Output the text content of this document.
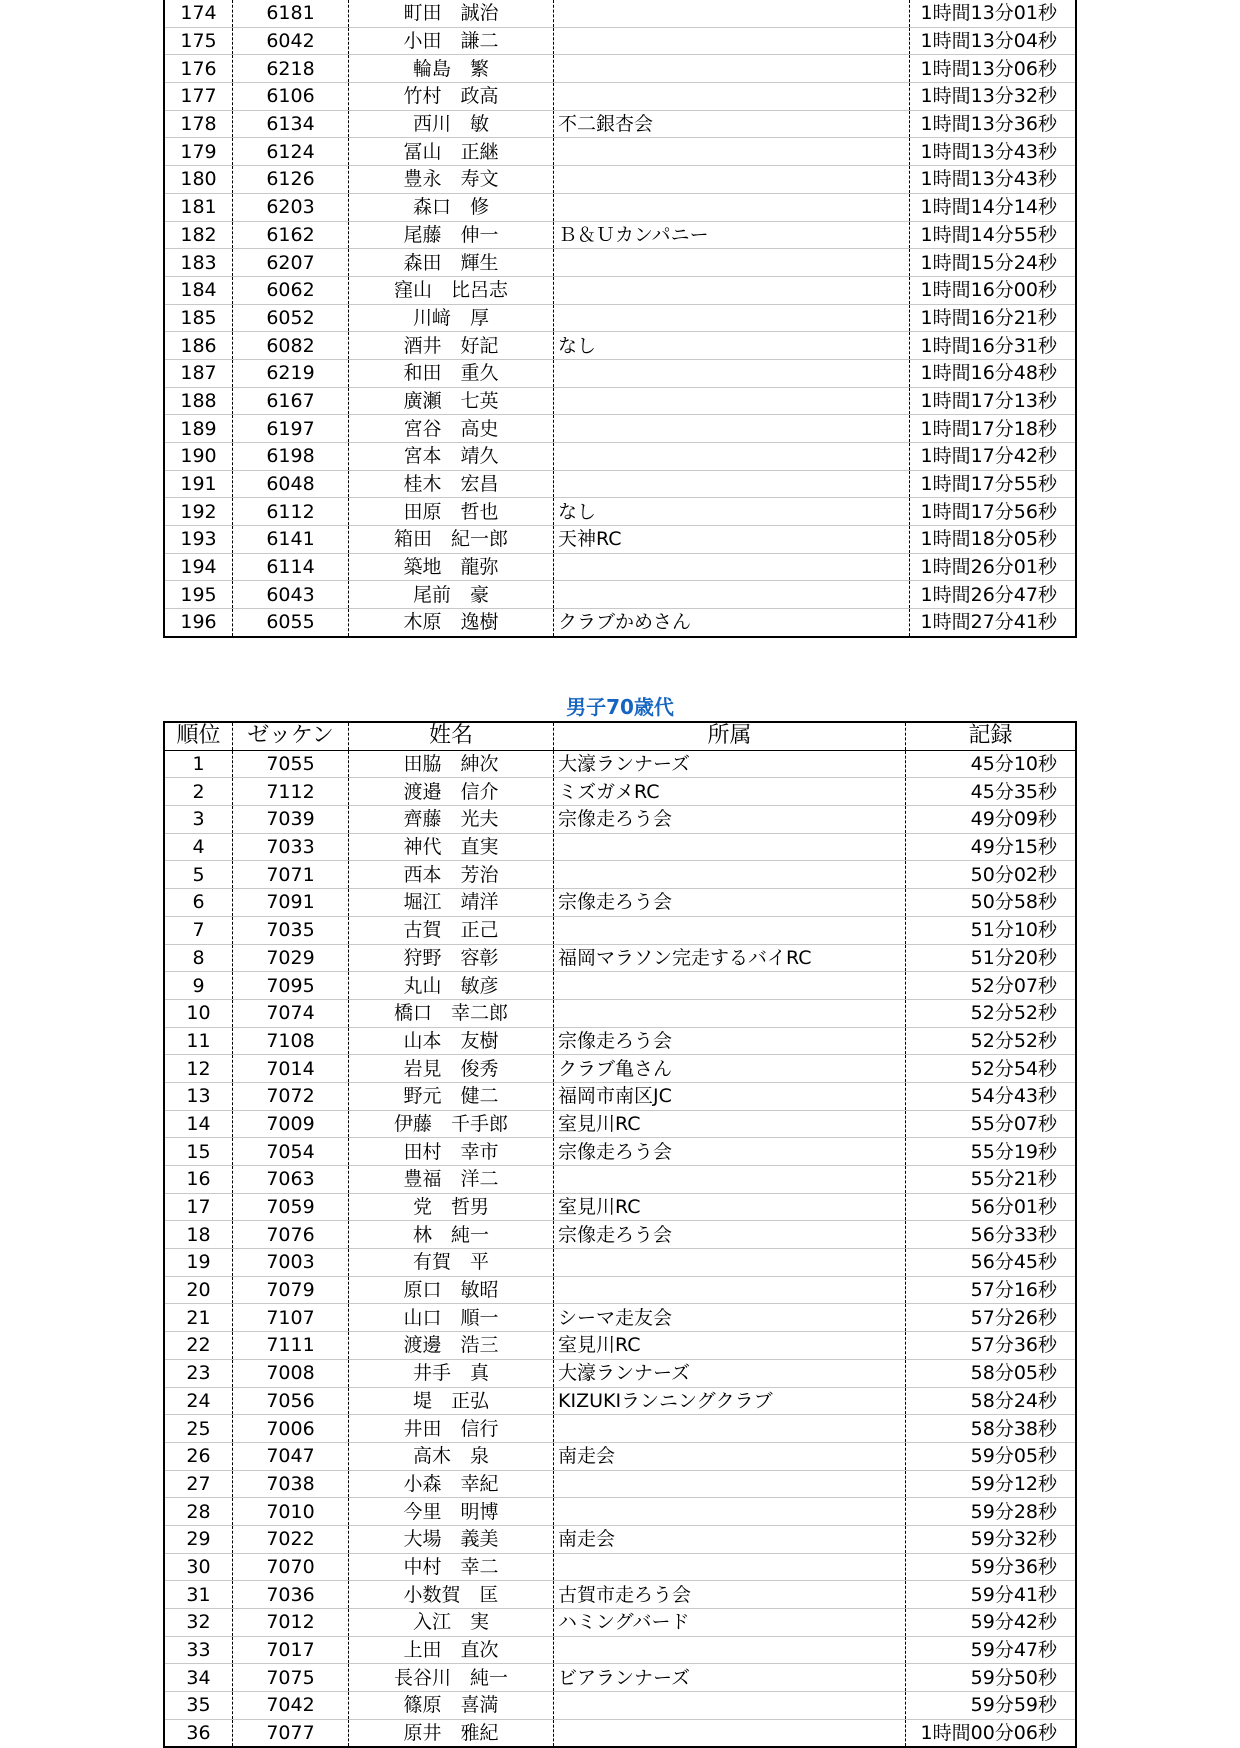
174	6181	町田　誠治		1時間13分01秒
175	6042	小田　謙二		1時間13分04秒
176	6218	輪島　繁		1時間13分06秒
177	6106	竹村　政高		1時間13分32秒
178	6134	西川　敏	不二銀杏会	1時間13分36秒
179	6124	冨山　正継		1時間13分43秒
180	6126	豊永　寿文		1時間13分43秒
181	6203	森口　修		1時間14分14秒
182	6162	尾藤　伸一	Ｂ＆Ｕカンパニー	1時間14分55秒
183	6207	森田　輝生		1時間15分24秒
184	6062	窪山　比呂志		1時間16分00秒
185	6052	川﨑　厚		1時間16分21秒
186	6082	酒井　好記	なし	1時間16分31秒
187	6219	和田　重久		1時間16分48秒
188	6167	廣瀬　七英		1時間17分13秒
189	6197	宮谷　高史		1時間17分18秒
190	6198	宮本　靖久		1時間17分42秒
191	6048	桂木　宏昌		1時間17分55秒
192	6112	田原　哲也	なし	1時間17分56秒
193	6141	箱田　紀一郎	天神RC	1時間18分05秒
194	6114	築地　龍弥		1時間26分01秒
195	6043	尾前　豪		1時間26分47秒
196	6055	木原　逸樹	クラブかめさん	1時間27分41秒
男子70歳代
順位	ゼッケン	姓名	所属	記録
1	7055	田脇　紳次	大濠ランナーズ	45分10秒
2	7112	渡邉　信介	ミズガメRC	45分35秒
3	7039	齊藤　光夫	宗像走ろう会	49分09秒
4	7033	神代　直実		49分15秒
5	7071	西本　芳治		50分02秒
6	7091	堀江　靖洋	宗像走ろう会	50分58秒
7	7035	古賀　正己		51分10秒
8	7029	狩野　容彰	福岡マラソン完走するバイRC	51分20秒
9	7095	丸山　敏彦		52分07秒
10	7074	橋口　幸二郎		52分52秒
11	7108	山本　友樹	宗像走ろう会	52分52秒
12	7014	岩見　俊秀	クラブ亀さん	52分54秒
13	7072	野元　健二	福岡市南区JC	54分43秒
14	7009	伊藤　千手郎	室見川RC	55分07秒
15	7054	田村　幸市	宗像走ろう会	55分19秒
16	7063	豊福　洋二		55分21秒
17	7059	党　哲男	室見川RC	56分01秒
18	7076	林　純一	宗像走ろう会	56分33秒
19	7003	有賀　平		56分45秒
20	7079	原口　敏昭		57分16秒
21	7107	山口　順一	シーマ走友会	57分26秒
22	7111	渡邊　浩三	室見川RC	57分36秒
23	7008	井手　真	大濠ランナーズ	58分05秒
24	7056	堤　正弘	KIZUKIランニングクラブ	58分24秒
25	7006	井田　信行		58分38秒
26	7047	高木　泉	南走会	59分05秒
27	7038	小森　幸紀		59分12秒
28	7010	今里　明博		59分28秒
29	7022	大場　義美	南走会	59分32秒
30	7070	中村　幸二		59分36秒
31	7036	小数賀　匡	古賀市走ろう会	59分41秒
32	7012	入江　実	ハミングバード	59分42秒
33	7017	上田　直次		59分47秒
34	7075	長谷川　純一	ビアランナーズ	59分50秒
35	7042	篠原　喜満		59分59秒
36	7077	原井　雅紀		1時間00分06秒
